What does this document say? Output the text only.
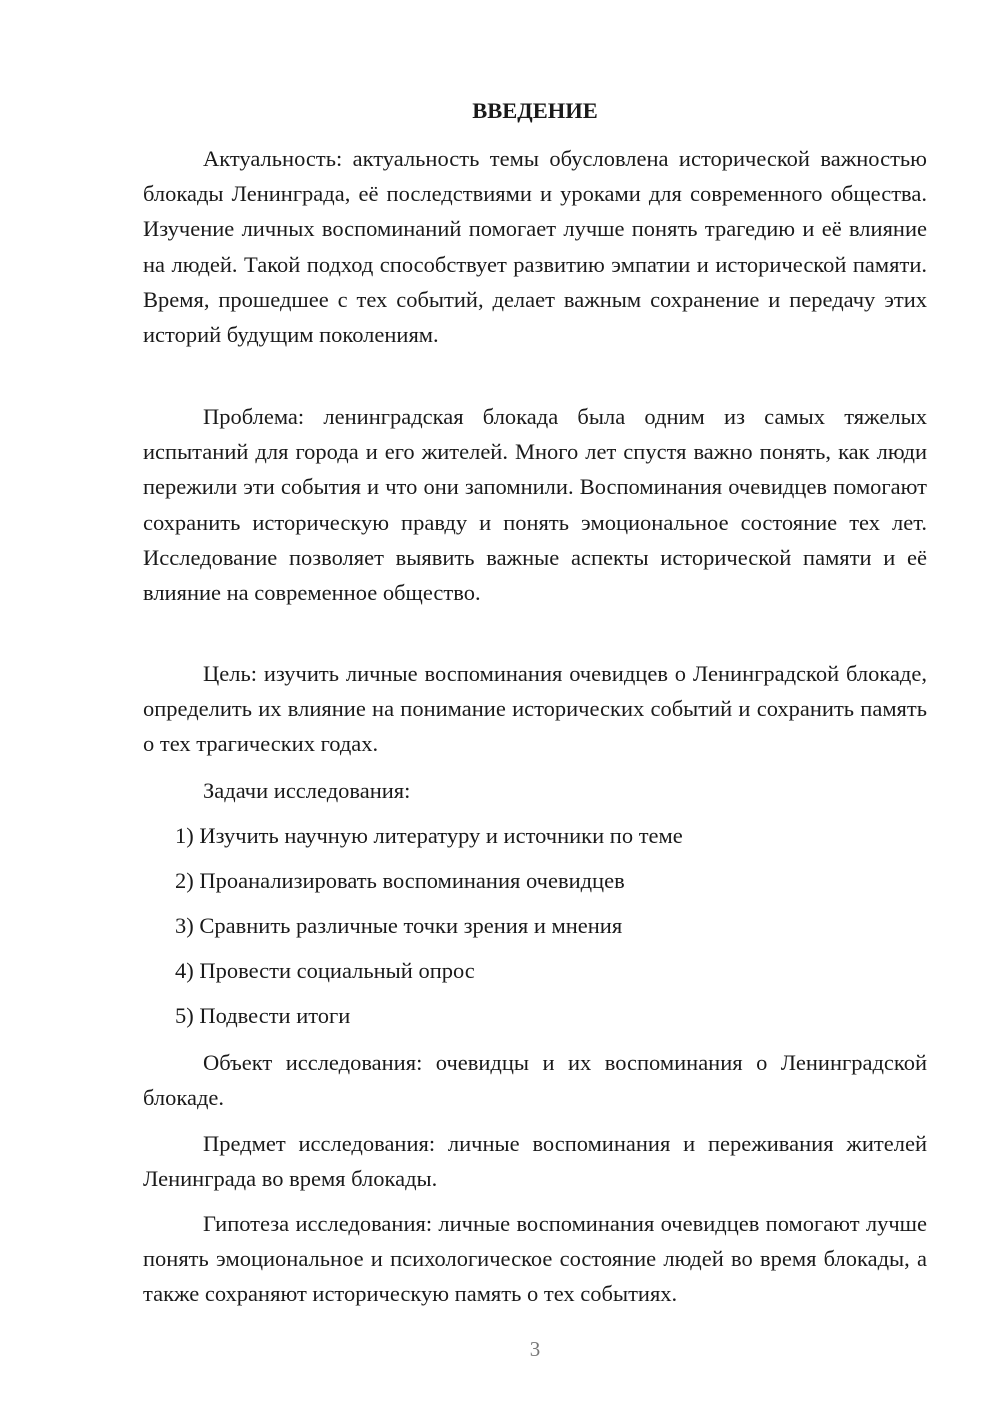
ВВЕДЕНИЕ

Актуальность: актуальность темы обусловлена исторической важностью блокады Ленинграда, её последствиями и уроками для современного общества. Изучение личных воспоминаний помогает лучше понять трагедию и её влияние на людей. Такой подход способствует развитию эмпатии и исторической памяти. Время, прошедшее с тех событий, делает важным сохранение и передачу этих историй будущим поколениям.

Проблема: ленинградская блокада была одним из самых тяжелых испытаний для города и его жителей. Много лет спустя важно понять, как люди пережили эти события и что они запомнили. Воспоминания очевидцев помогают сохранить историческую правду и понять эмоциональное состояние тех лет. Исследование позволяет выявить важные аспекты исторической памяти и её влияние на современное общество.

Цель: изучить личные воспоминания очевидцев о Ленинградской блокаде, определить их влияние на понимание исторических событий и сохранить память о тех трагических годах.

Задачи исследования:
1) Изучить научную литературу и источники по теме
2) Проанализировать воспоминания очевидцев
3) Сравнить различные точки зрения и мнения
4) Провести социальный опрос
5) Подвести итоги

Объект исследования: очевидцы и их воспоминания о Ленинградской блокаде.

Предмет исследования: личные воспоминания и переживания жителей Ленинграда во время блокады.

Гипотеза исследования: личные воспоминания очевидцев помогают лучше понять эмоциональное и психологическое состояние людей во время блокады, а также сохраняют историческую память о тех событиях.

3
